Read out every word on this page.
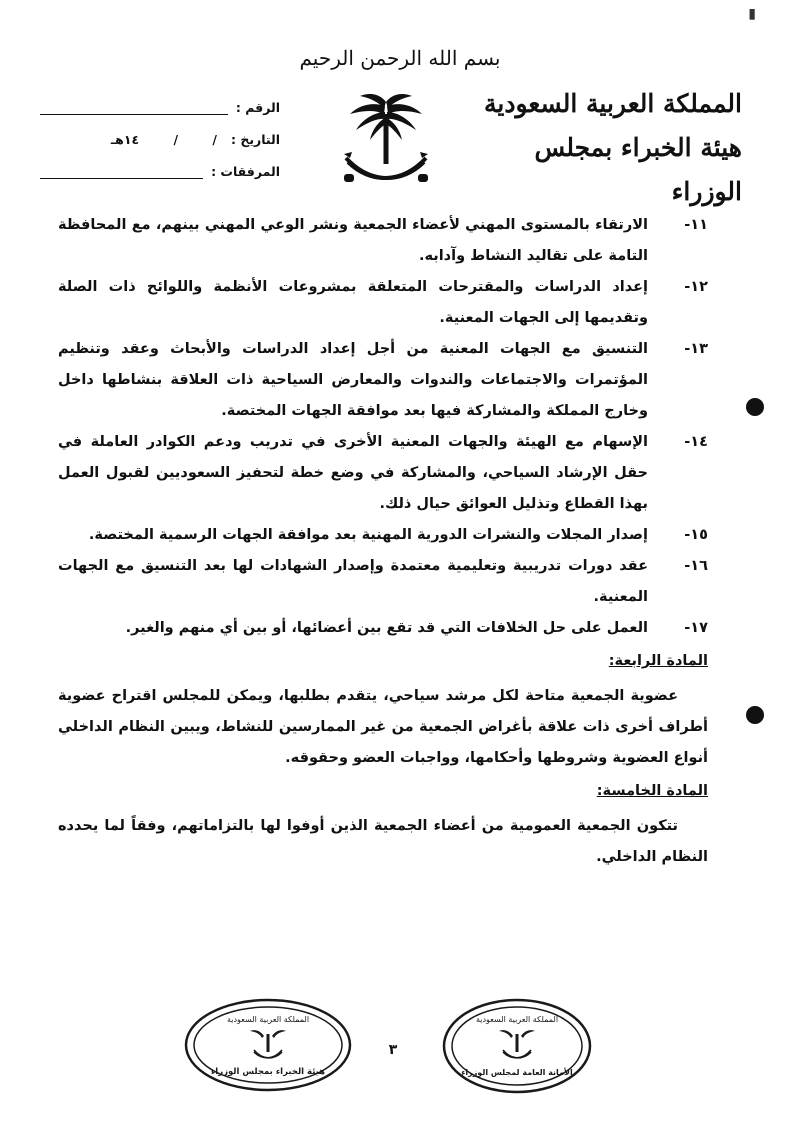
▮
بسم الله الرحمن الرحيم
المملكة العربية السعودية
هيئة الخبراء بمجلس الوزراء
الرقم :
التاريخ :
/ / ١٤هـ
المرفقات :
١١-
الارتقاء بالمستوى المهني لأعضاء الجمعية ونشر الوعي المهني بينهم، مع المحافظة التامة على تقاليد النشاط وآدابه.
١٢-
إعداد الدراسات والمقترحات المتعلقة بمشروعات الأنظمة واللوائح ذات الصلة وتقديمها إلى الجهات المعنية.
١٣-
التنسيق مع الجهات المعنية من أجل إعداد الدراسات والأبحاث وعقد وتنظيم المؤتمرات والاجتماعات والندوات والمعارض السياحية ذات العلاقة بنشاطها داخل وخارج المملكة والمشاركة فيها بعد موافقة الجهات المختصة.
١٤-
الإسهام مع الهيئة والجهات المعنية الأخرى في تدريب ودعم الكوادر العاملة في حقل الإرشاد السياحي، والمشاركة في وضع خطة لتحفيز السعوديين لقبول العمل بهذا القطاع وتذليل العوائق حيال ذلك.
١٥-
إصدار المجلات والنشرات الدورية المهنية بعد موافقة الجهات الرسمية المختصة.
١٦-
عقد دورات تدريبية وتعليمية معتمدة وإصدار الشهادات لها بعد التنسيق مع الجهات المعنية.
١٧-
العمل على حل الخلافات التي قد تقع بين أعضائها، أو بين أي منهم والغير.
المادة الرابعة:

عضوية الجمعية متاحة لكل مرشد سياحي، يتقدم بطلبها، ويمكن للمجلس اقتراح عضوية أطراف أخرى ذات علاقة بأغراض الجمعية من غير الممارسين للنشاط، ويبين النظام الداخلي أنواع العضوية وشروطها وأحكامها، وواجبات العضو وحقوقه.

المادة الخامسة:

تتكون الجمعية العمومية من أعضاء الجمعية الذين أوفوا لها بالتزاماتهم، وفقاً لما يحدده النظام الداخلي.

المملكة العربية السعودية
هيئة الخبراء بمجلس الوزراء
٣
المملكة العربية السعودية
الأمانة العامة لمجلس الوزراء
